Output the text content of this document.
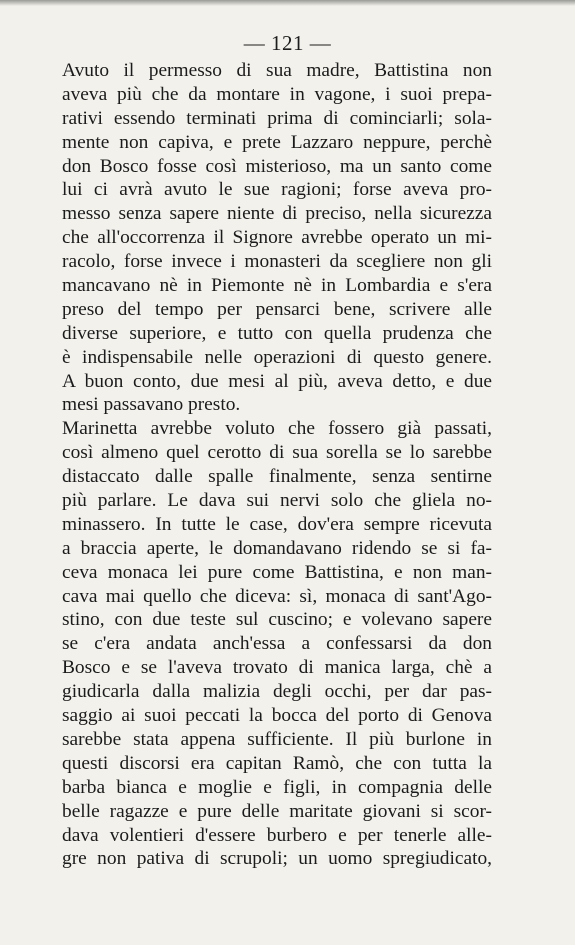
— 121 —
Avuto il permesso di sua madre, Battistina non
aveva più che da montare in vagone, i suoi prepa-
rativi essendo terminati prima di cominciarli; sola-
mente non capiva, e prete Lazzaro neppure, perchè
don Bosco fosse così misterioso, ma un santo come
lui ci avrà avuto le sue ragioni; forse aveva pro-
messo senza sapere niente di preciso, nella sicurezza
che all'occorrenza il Signore avrebbe operato un mi-
racolo, forse invece i monasteri da scegliere non gli
mancavano nè in Piemonte nè in Lombardia e s'era
preso del tempo per pensarci bene, scrivere alle
diverse superiore, e tutto con quella prudenza che
è indispensabile nelle operazioni di questo genere.
A buon conto, due mesi al più, aveva detto, e due
mesi passavano presto.
Marinetta avrebbe voluto che fossero già passati,
così almeno quel cerotto di sua sorella se lo sarebbe
distaccato dalle spalle finalmente, senza sentirne
più parlare. Le dava sui nervi solo che gliela no-
minassero. In tutte le case, dov'era sempre ricevuta
a braccia aperte, le domandavano ridendo se si fa-
ceva monaca lei pure come Battistina, e non man-
cava mai quello che diceva: sì, monaca di sant'Ago-
stino, con due teste sul cuscino; e volevano sapere
se c'era andata anch'essa a confessarsi da don
Bosco e se l'aveva trovato di manica larga, chè a
giudicarla dalla malizia degli occhi, per dar pas-
saggio ai suoi peccati la bocca del porto di Genova
sarebbe stata appena sufficiente. Il più burlone in
questi discorsi era capitan Ramò, che con tutta la
barba bianca e moglie e figli, in compagnia delle
belle ragazze e pure delle maritate giovani si scor-
dava volentieri d'essere burbero e per tenerle alle-
gre non pativa di scrupoli; un uomo spregiudicato,
